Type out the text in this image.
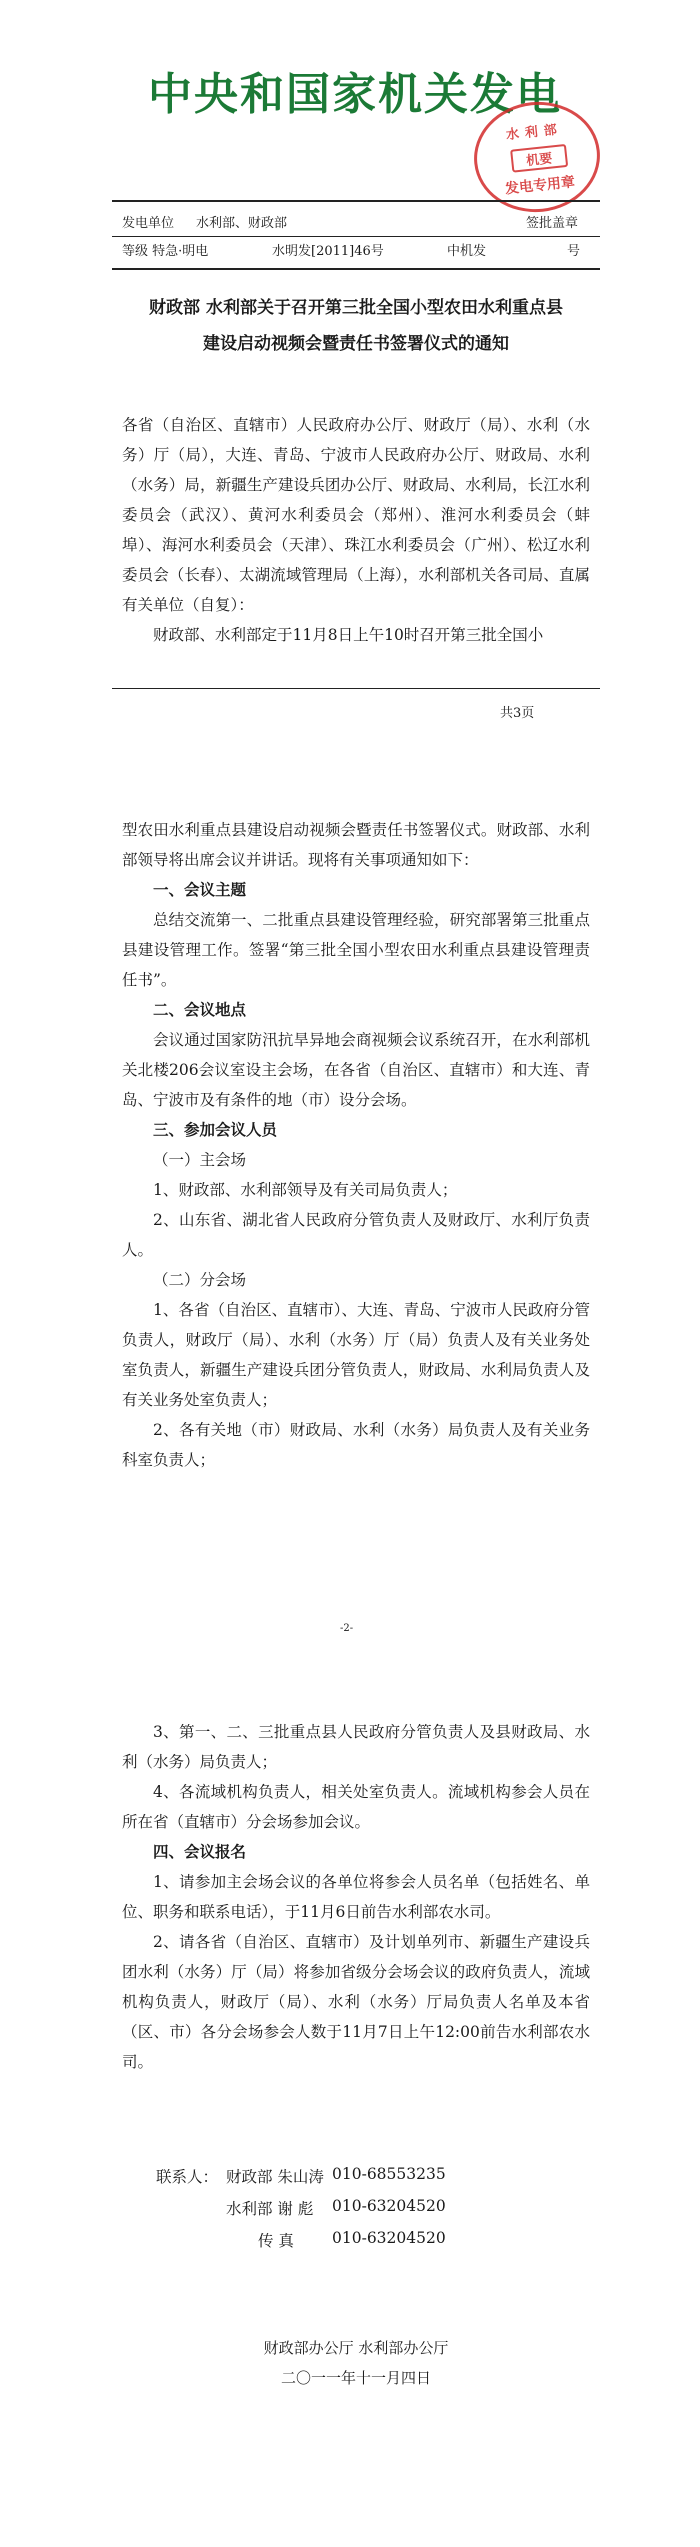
中央和国家机关发电
水利部
机要
发电专用章
发电单位 水利部、财政部	签批盖章
等级 特急·明电	水明发[2011]46号	中机发	号
财政部 水利部关于召开第三批全国小型农田水利重点县
建设启动视频会暨责任书签署仪式的通知

各省（自治区、直辖市）人民政府办公厅、财政厅（局）、水利（水务）厅（局），大连、青岛、宁波市人民政府办公厅、财政局、水利（水务）局，新疆生产建设兵团办公厅、财政局、水利局，长江水利委员会（武汉）、黄河水利委员会（郑州）、淮河水利委员会（蚌埠）、海河水利委员会（天津）、珠江水利委员会（广州）、松辽水利委员会（长春）、太湖流域管理局（上海），水利部机关各司局、直属有关单位（自复）：

财政部、水利部定于11月8日上午10时召开第三批全国小

共3页

型农田水利重点县建设启动视频会暨责任书签署仪式。财政部、水利部领导将出席会议并讲话。现将有关事项通知如下：

一、会议主题

总结交流第一、二批重点县建设管理经验，研究部署第三批重点县建设管理工作。签署“第三批全国小型农田水利重点县建设管理责任书”。

二、会议地点

会议通过国家防汛抗旱异地会商视频会议系统召开，在水利部机关北楼206会议室设主会场，在各省（自治区、直辖市）和大连、青岛、宁波市及有条件的地（市）设分会场。

三、参加会议人员

（一）主会场

1、财政部、水利部领导及有关司局负责人；

2、山东省、湖北省人民政府分管负责人及财政厅、水利厅负责人。

（二）分会场

1、各省（自治区、直辖市）、大连、青岛、宁波市人民政府分管负责人，财政厅（局）、水利（水务）厅（局）负责人及有关业务处室负责人，新疆生产建设兵团分管负责人，财政局、水利局负责人及有关业务处室负责人；

2、各有关地（市）财政局、水利（水务）局负责人及有关业务科室负责人；

-2-

3、第一、二、三批重点县人民政府分管负责人及县财政局、水利（水务）局负责人；

4、各流域机构负责人，相关处室负责人。流域机构参会人员在所在省（直辖市）分会场参加会议。

四、会议报名

1、请参加主会场会议的各单位将参会人员名单（包括姓名、单位、职务和联系电话），于11月6日前告水利部农水司。

2、请各省（自治区、直辖市）及计划单列市、新疆生产建设兵团水利（水务）厅（局）将参加省级分会场会议的政府负责人，流域机构负责人，财政厅（局）、水利（水务）厅局负责人名单及本省（区、市）各分会场参会人数于11月7日上午12:00前告水利部农水司。

联系人： 财政部 朱山涛 010-68553235
水利部 谢 彪 010-63204520
传 真 010-63204520
财政部办公厅 水利部办公厅
二〇一一年十一月四日
